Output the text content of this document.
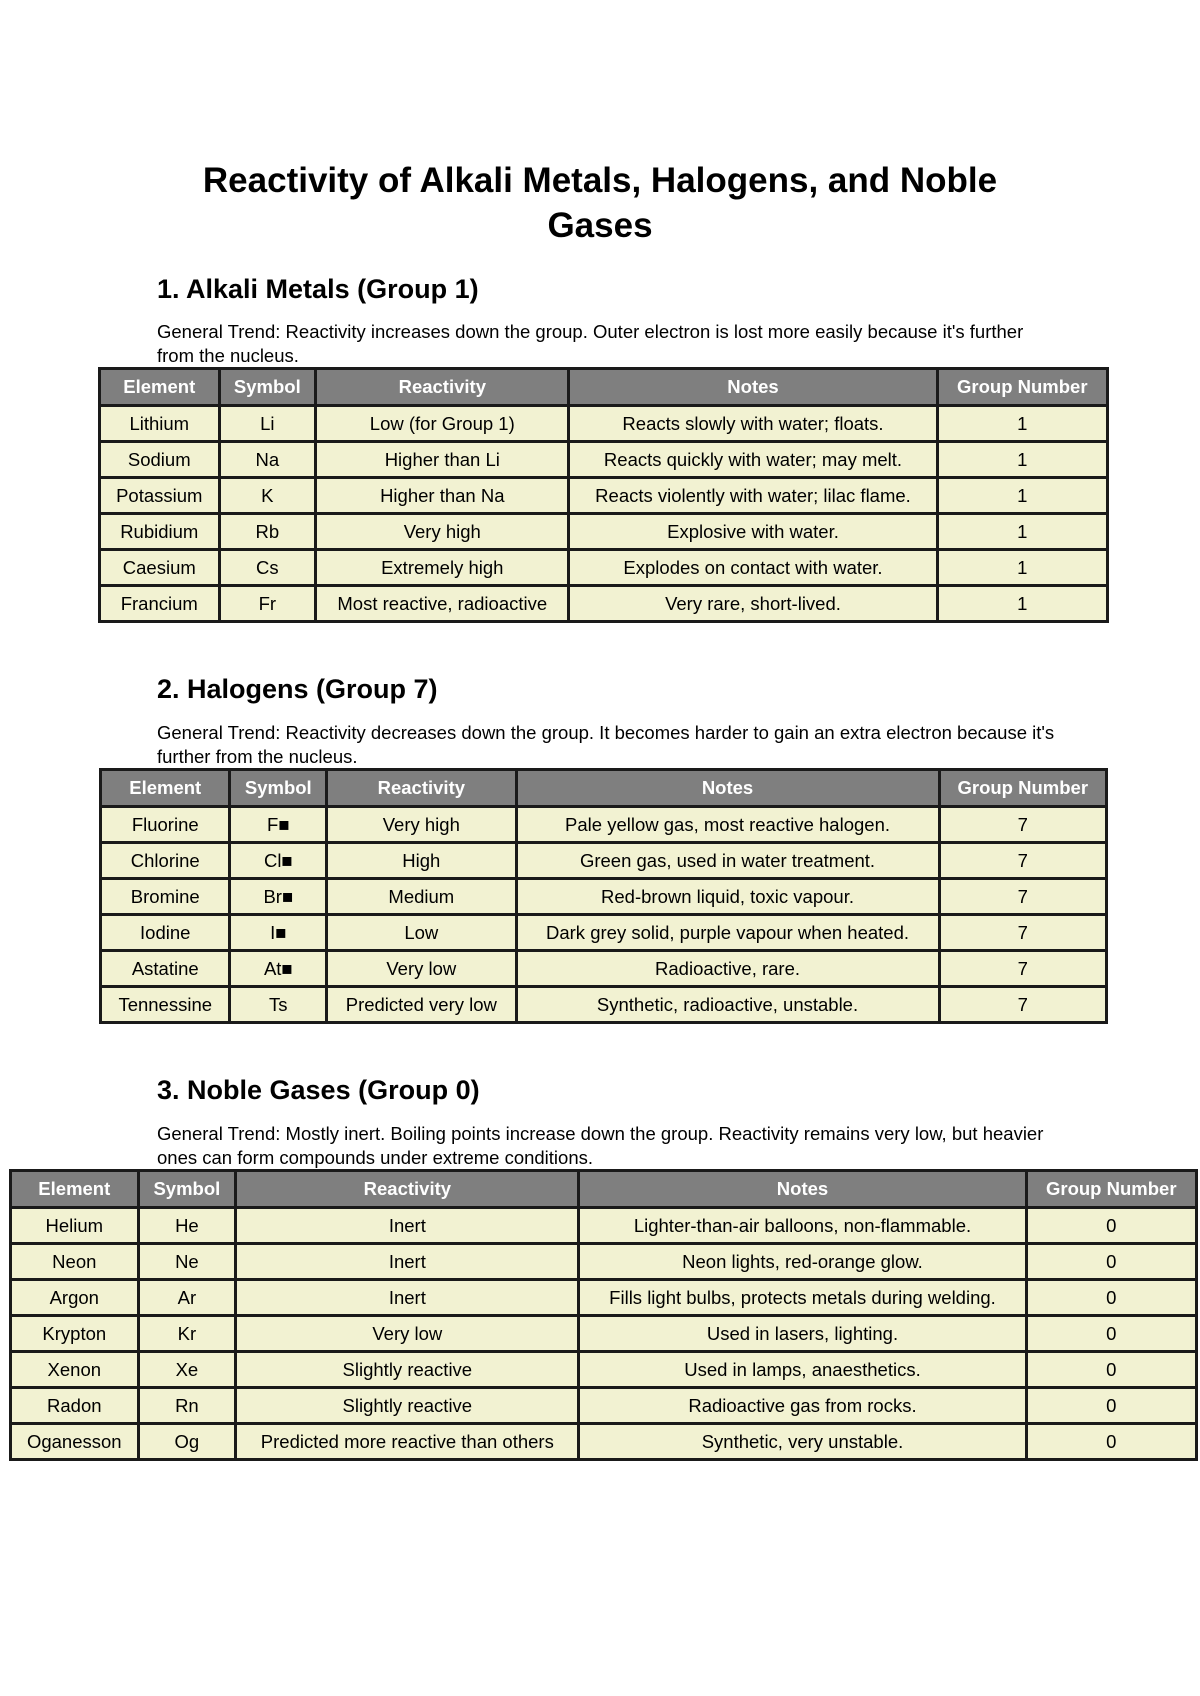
Reactivity of Alkali Metals, Halogens, and Noble Gases
1. Alkali Metals (Group 1)

General Trend: Reactivity increases down the group. Outer electron is lost more easily because it's further from the nucleus.

Element	Symbol	Reactivity	Notes	Group Number
Lithium	Li	Low (for Group 1)	Reacts slowly with water; floats.	1
Sodium	Na	Higher than Li	Reacts quickly with water; may melt.	1
Potassium	K	Higher than Na	Reacts violently with water; lilac flame.	1
Rubidium	Rb	Very high	Explosive with water.	1
Caesium	Cs	Extremely high	Explodes on contact with water.	1
Francium	Fr	Most reactive, radioactive	Very rare, short-lived.	1
2. Halogens (Group 7)

General Trend: Reactivity decreases down the group. It becomes harder to gain an extra electron because it's further from the nucleus.

Element	Symbol	Reactivity	Notes	Group Number
Fluorine	F■	Very high	Pale yellow gas, most reactive halogen.	7
Chlorine	Cl■	High	Green gas, used in water treatment.	7
Bromine	Br■	Medium	Red-brown liquid, toxic vapour.	7
Iodine	I■	Low	Dark grey solid, purple vapour when heated.	7
Astatine	At■	Very low	Radioactive, rare.	7
Tennessine	Ts	Predicted very low	Synthetic, radioactive, unstable.	7
3. Noble Gases (Group 0)

General Trend: Mostly inert. Boiling points increase down the group. Reactivity remains very low, but heavier ones can form compounds under extreme conditions.

Element	Symbol	Reactivity	Notes	Group Number
Helium	He	Inert	Lighter-than-air balloons, non-flammable.	0
Neon	Ne	Inert	Neon lights, red-orange glow.	0
Argon	Ar	Inert	Fills light bulbs, protects metals during welding.	0
Krypton	Kr	Very low	Used in lasers, lighting.	0
Xenon	Xe	Slightly reactive	Used in lamps, anaesthetics.	0
Radon	Rn	Slightly reactive	Radioactive gas from rocks.	0
Oganesson	Og	Predicted more reactive than others	Synthetic, very unstable.	0
